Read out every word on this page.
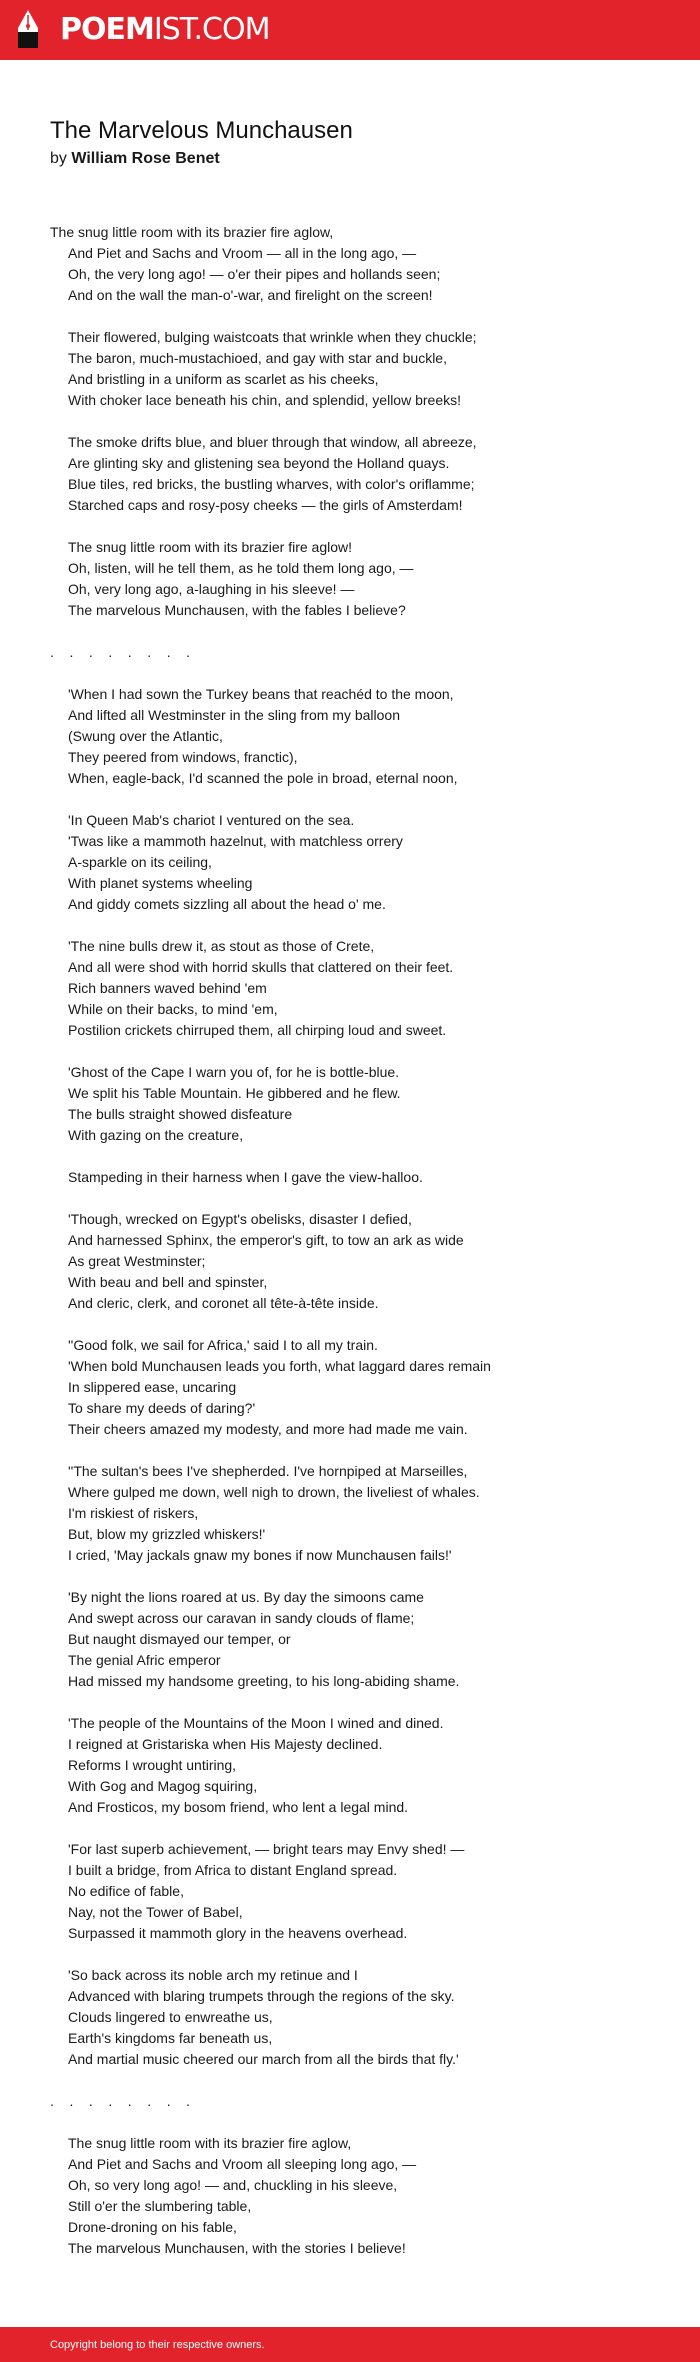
POEMIST.COM
The Marvelous Munchausen
by William Rose Benet
The snug little room with its brazier fire aglow,
And Piet and Sachs and Vroom — all in the long ago, —
Oh, the very long ago! — o'er their pipes and hollands seen;
And on the wall the man-o'-war, and firelight on the screen!
Their flowered, bulging waistcoats that wrinkle when they chuckle;
The baron, much-mustachioed, and gay with star and buckle,
And bristling in a uniform as scarlet as his cheeks,
With choker lace beneath his chin, and splendid, yellow breeks!
The smoke drifts blue, and bluer through that window, all abreeze,
Are glinting sky and glistening sea beyond the Holland quays.
Blue tiles, red bricks, the bustling wharves, with color's oriflamme;
Starched caps and rosy-posy cheeks — the girls of Amsterdam!
The snug little room with its brazier fire aglow!
Oh, listen, will he tell them, as he told them long ago, —
Oh, very long ago, a-laughing in his sleeve! —
The marvelous Munchausen, with the fables I believe?
.    .    .    .    .    .    .    .
'When I had sown the Turkey beans that reachéd to the moon,
And lifted all Westminster in the sling from my balloon
(Swung over the Atlantic,
They peered from windows, franctic),
When, eagle-back, I'd scanned the pole in broad, eternal noon,
'In Queen Mab's chariot I ventured on the sea.
'Twas like a mammoth hazelnut, with matchless orrery
A-sparkle on its ceiling,
With planet systems wheeling
And giddy comets sizzling all about the head o' me.
'The nine bulls drew it, as stout as those of Crete,
And all were shod with horrid skulls that clattered on their feet.
Rich banners waved behind 'em
While on their backs, to mind 'em,
Postilion crickets chirruped them, all chirping loud and sweet.
'Ghost of the Cape I warn you of, for he is bottle-blue.
We split his Table Mountain. He gibbered and he flew.
The bulls straight showed disfeature
With gazing on the creature,
Stampeding in their harness when I gave the view-halloo.
'Though, wrecked on Egypt's obelisks, disaster I defied,
And harnessed Sphinx, the emperor's gift, to tow an ark as wide
As great Westminster;
With beau and bell and spinster,
And cleric, clerk, and coronet all tête-à-tête inside.
''Good folk, we sail for Africa,' said I to all my train.
'When bold Munchausen leads you forth, what laggard dares remain
In slippered ease, uncaring
To share my deeds of daring?'
Their cheers amazed my modesty, and more had made me vain.
''The sultan's bees I've shepherded. I've hornpiped at Marseilles,
Where gulped me down, well nigh to drown, the liveliest of whales.
I'm riskiest of riskers,
But, blow my grizzled whiskers!'
I cried, 'May jackals gnaw my bones if now Munchausen fails!'
'By night the lions roared at us. By day the simoons came
And swept across our caravan in sandy clouds of flame;
But naught dismayed our temper, or
The genial Afric emperor
Had missed my handsome greeting, to his long-abiding shame.
'The people of the Mountains of the Moon I wined and dined.
I reigned at Gristariska when His Majesty declined.
Reforms I wrought untiring,
With Gog and Magog squiring,
And Frosticos, my bosom friend, who lent a legal mind.
'For last superb achievement, — bright tears may Envy shed! —
I built a bridge, from Africa to distant England spread.
No edifice of fable,
Nay, not the Tower of Babel,
Surpassed it mammoth glory in the heavens overhead.
'So back across its noble arch my retinue and I
Advanced with blaring trumpets through the regions of the sky.
Clouds lingered to enwreathe us,
Earth's kingdoms far beneath us,
And martial music cheered our march from all the birds that fly.'
.    .    .    .    .    .    .    .
The snug little room with its brazier fire aglow,
And Piet and Sachs and Vroom all sleeping long ago, —
Oh, so very long ago! — and, chuckling in his sleeve,
Still o'er the slumbering table,
Drone-droning on his fable,
The marvelous Munchausen, with the stories I believe!
Copyright belong to their respective owners.
